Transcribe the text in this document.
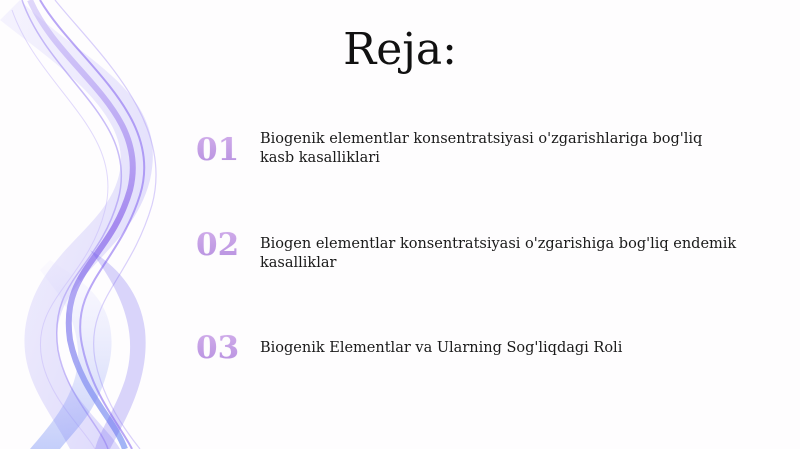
Reja:
01	Biogenik elementlar konsentratsiyasi o'zgarishlariga bog'liq
kasb kasalliklari
02	Biogen elementlar konsentratsiyasi o'zgarishiga bog'liq endemik
kasalliklar
03	Biogenik Elementlar va Ularning Sog'liqdagi Roli
